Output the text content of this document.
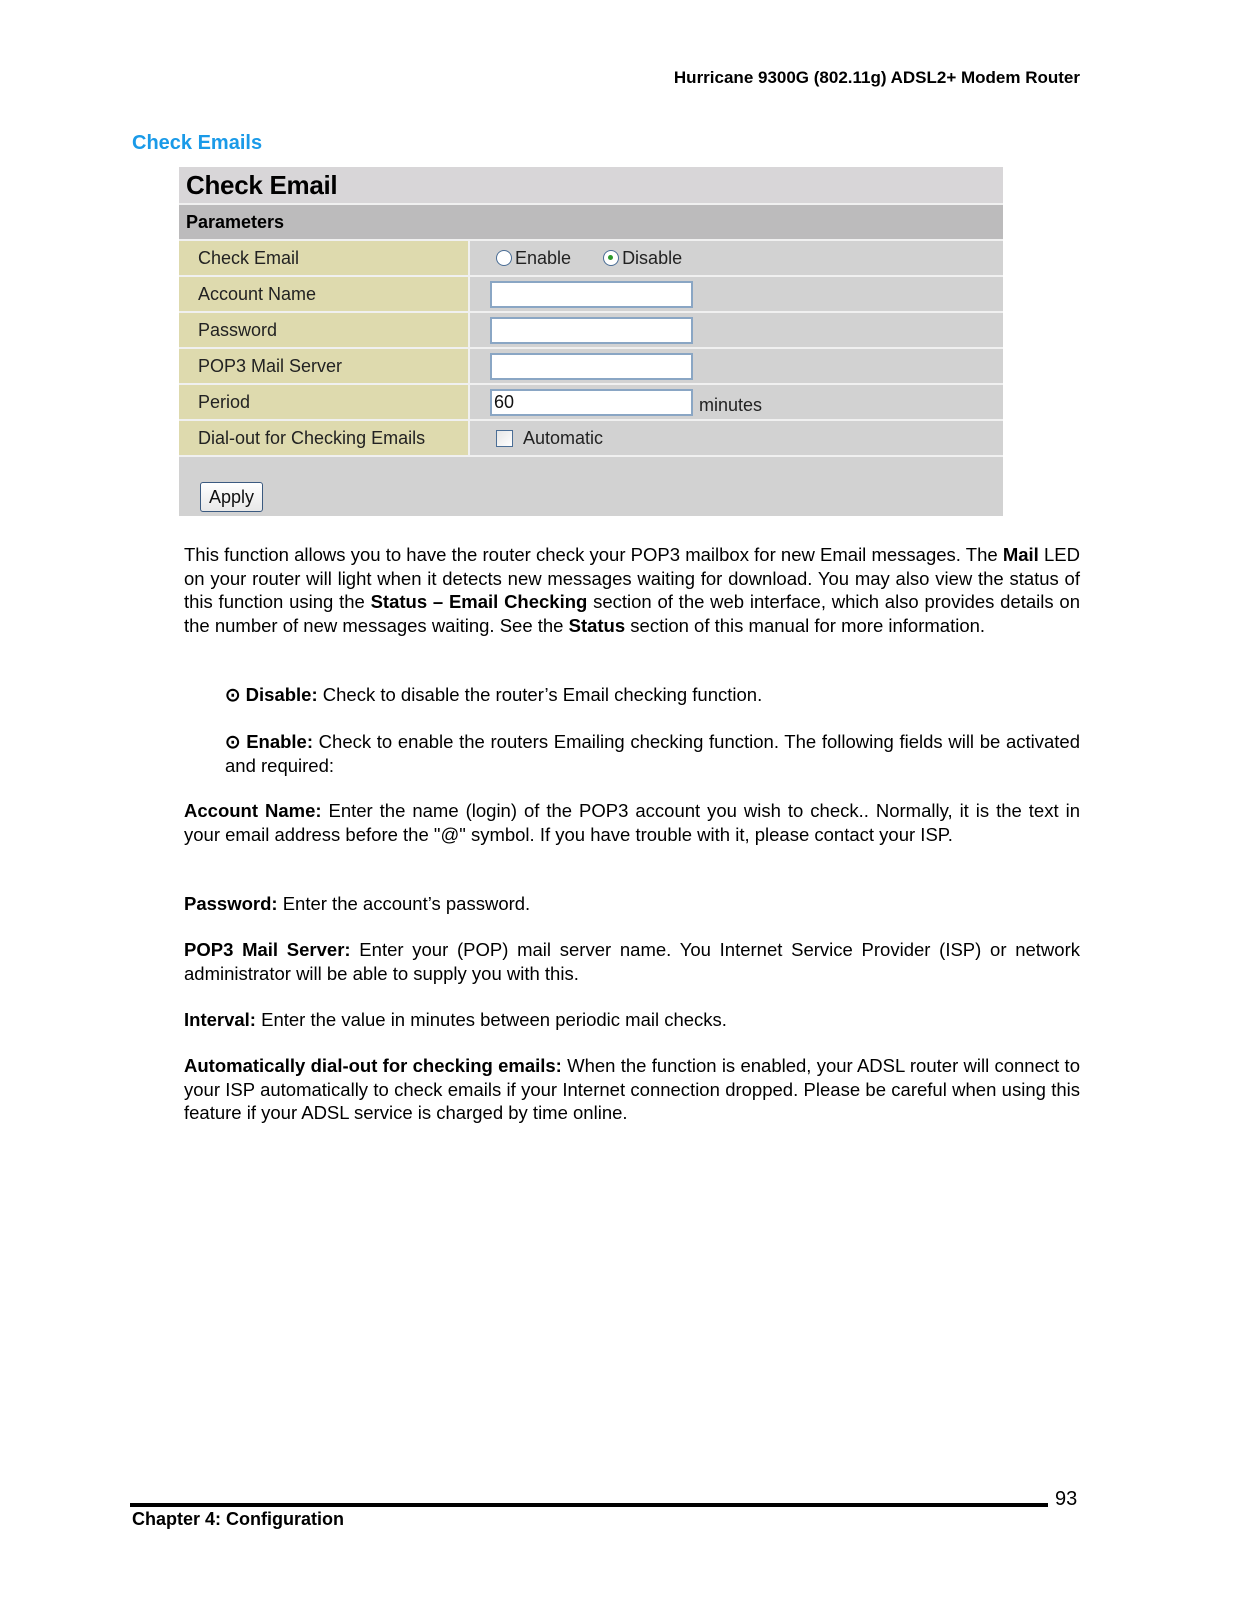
Hurricane 9300G (802.11g) ADSL2+ Modem Router
Check Emails
Check Email
Parameters
Check Email	Enable	Disable
Account Name
Password
POP3 Mail Server
Period	60	minutes
Dial-out for Checking Emails	Automatic
Apply
This function allows you to have the router check your POP3 mailbox for new Email messages. The Mail LED on your router will light when it detects new messages waiting for download. You may also view the status of this function using the Status – Email Checking section of the web interface, which also provides details on the number of new messages waiting. See the Status section of this manual for more information.
⊙ Disable: Check to disable the router’s Email checking function.
⊙ Enable: Check to enable the routers Emailing checking function. The following fields will be activated and required:
Account Name: Enter the name (login) of the POP3 account you wish to check.. Normally, it is the text in your email address before the "@" symbol. If you have trouble with it, please contact your ISP.
Password: Enter the account’s password.
POP3 Mail Server: Enter your (POP) mail server name. You Internet Service Provider (ISP) or network administrator will be able to supply you with this.
Interval: Enter the value in minutes between periodic mail checks.
Automatically dial-out for checking emails: When the function is enabled, your ADSL router will connect to your ISP automatically to check emails if your Internet connection dropped. Please be careful when using this feature if your ADSL service is charged by time online.
93
Chapter 4: Configuration
